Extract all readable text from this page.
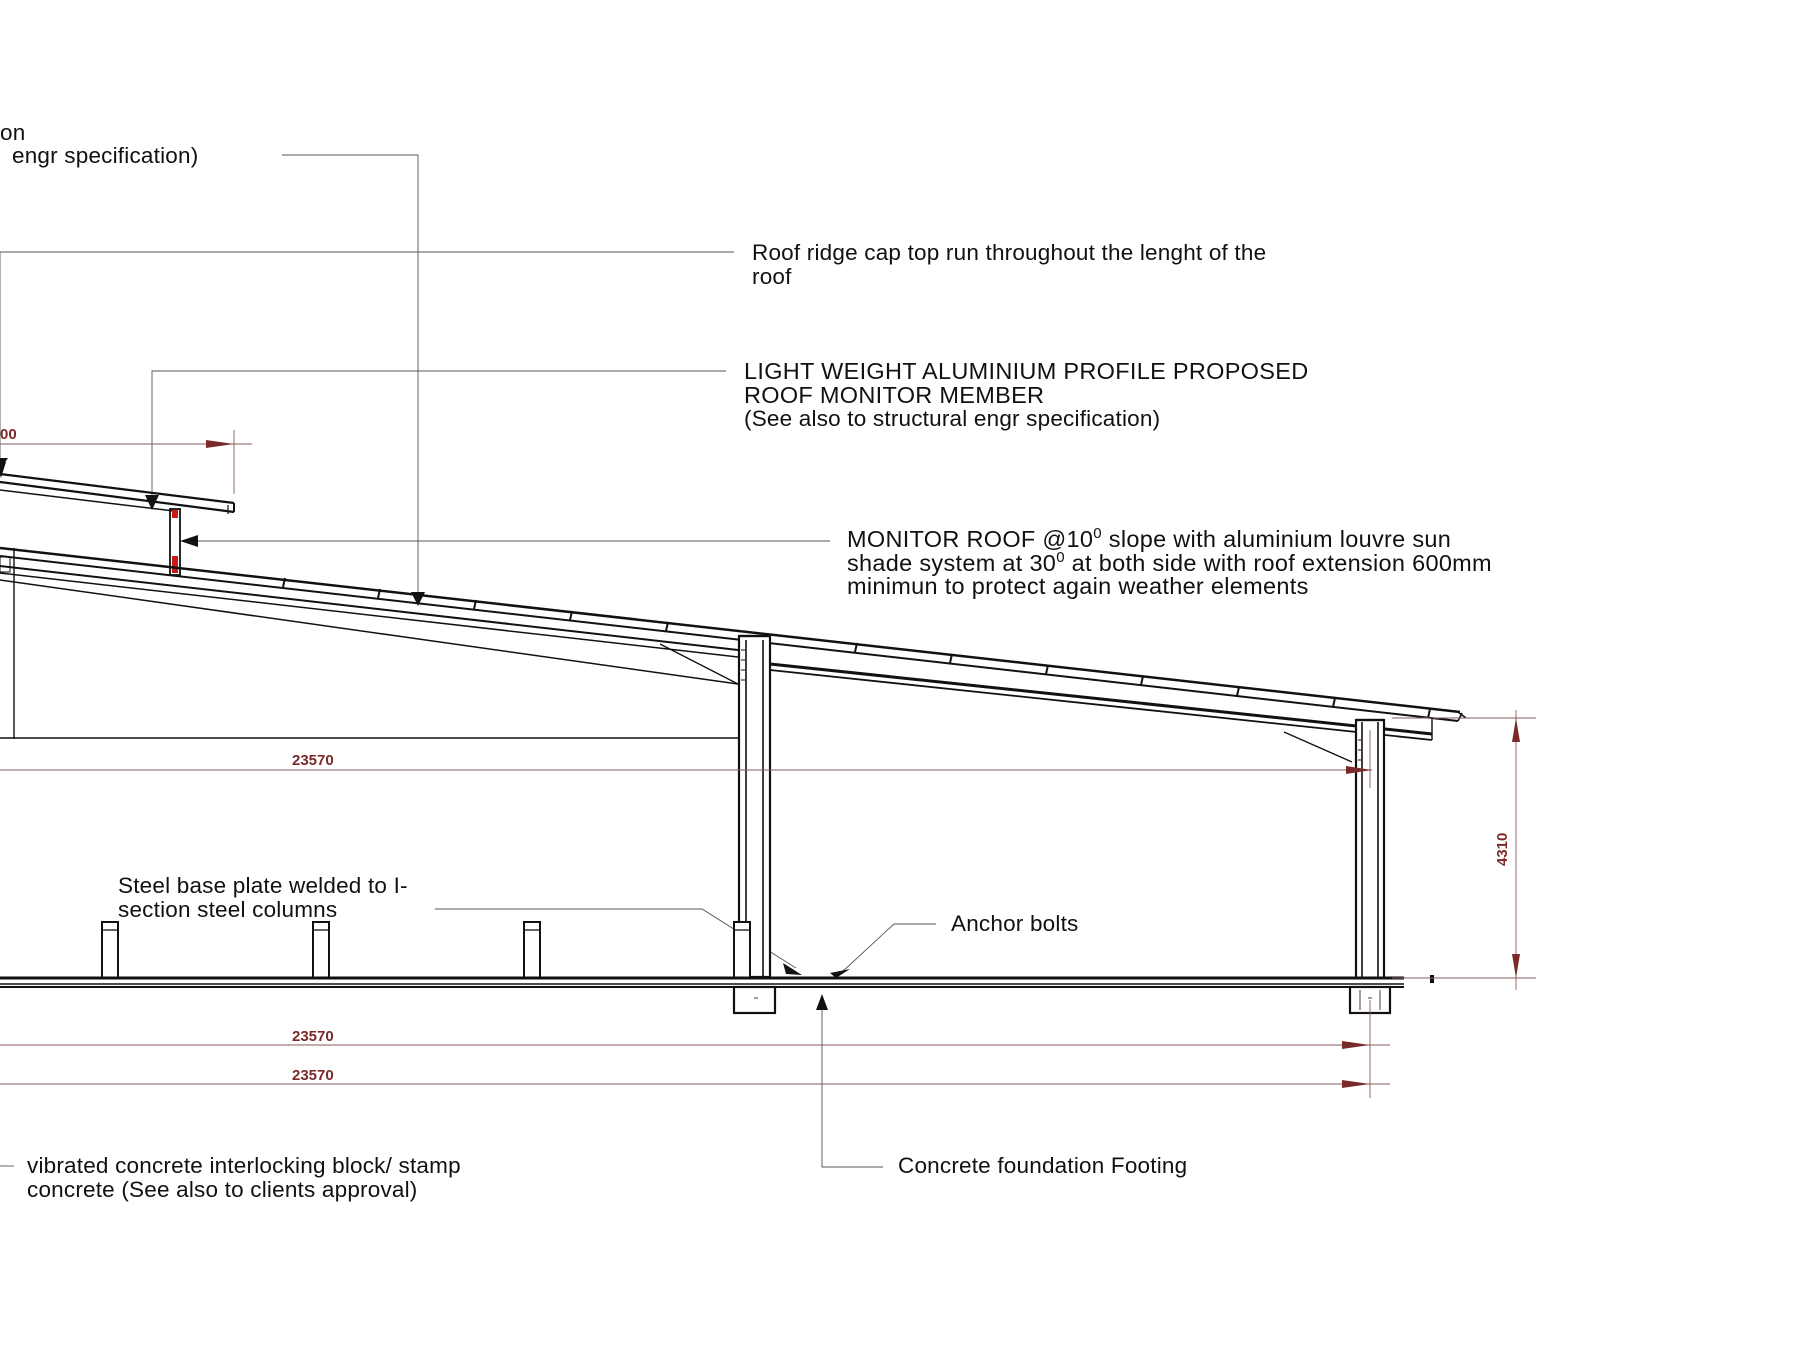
00
23570
23570
23570
4310
on
engr specification)
Roof ridge cap top run throughout the lenght of the
roof
LIGHT WEIGHT ALUMINIUM PROFILE PROPOSED
ROOF MONITOR MEMBER
(See also to structural engr specification)
MONITOR ROOF $@10^0$ slope with aluminium louvre sun
shade system at $30^0$ at both side with roof extension 600mm
minimun to protect again weather elements
Steel base plate welded to I-
section steel columns
Anchor bolts
vibrated concrete interlocking block/ stamp
concrete (See also to clients approval)
Concrete foundation Footing
